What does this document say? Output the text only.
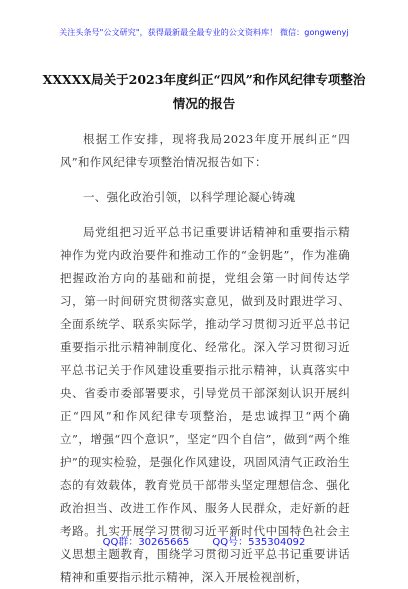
关注头条号"公文研究"，获得最新最全最专业的公文资料库！ 微信：gongwenyj
XXXXX局关于2023年度纠正“四风”和作风纪律专项整治
情况的报告

根据工作安排，现将我局2023年度开展纠正“四风”和作风纪律专项整治情况报告如下：

一、强化政治引领，以科学理论凝心铸魂

局党组把习近平总书记重要讲话精神和重要指示精神作为党内政治要件和推动工作的“金钥匙”，作为准确把握政治方向的基础和前提，党组会第一时间传达学习，第一时间研究贯彻落实意见，做到及时跟进学习、全面系统学、联系实际学，推动学习贯彻习近平总书记重要指示批示精神制度化、经常化。深入学习贯彻习近平总书记关于作风建设重要指示批示精神，认真落实中央、省委市委部署要求，引导党员干部深刻认识开展纠正“四风”和作风纪律专项整治，是忠诚捍卫“两个确立”，增强“四个意识”，坚定“四个自信”，做到“两个维护”的现实检验，是强化作风建设，巩固风清气正政治生态的有效载体，教育党员干部带头坚定理想信念、强化政治担当、改进工作作风、服务人民群众，走好新的赶考路。扎实开展学习贯彻习近平新时代中国特色社会主义思想主题教育，围绕学习贯彻习近平总书记重要讲话精神和重要指示批示精神，深入开展检视剖析，

QQ群：30265665 QQ号：535304092
